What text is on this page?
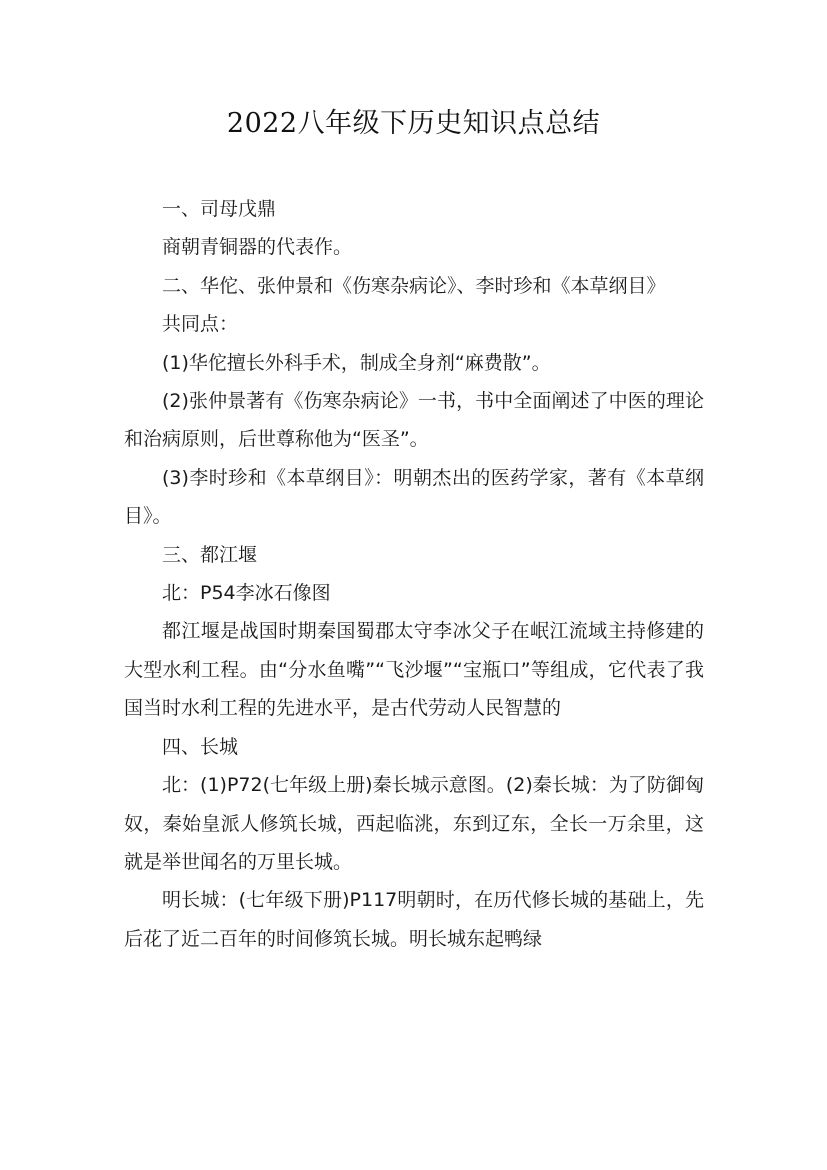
2022八年级下历史知识点总结

一、司母戊鼎

商朝青铜器的代表作。

二、华佗、张仲景和《伤寒杂病论》、李时珍和《本草纲目》

共同点：

(1)华佗擅长外科手术，制成全身剂“麻费散”。

(2)张仲景著有《伤寒杂病论》一书，书中全面阐述了中医的理论和治病原则，后世尊称他为“医圣”。

(3)李时珍和《本草纲目》：明朝杰出的医药学家，著有《本草纲目》。

三、都江堰

北：P54李冰石像图

都江堰是战国时期秦国蜀郡太守李冰父子在岷江流域主持修建的大型水利工程。由“分水鱼嘴”“飞沙堰”“宝瓶口”等组成，它代表了我国当时水利工程的先进水平，是古代劳动人民智慧的

四、长城

北：(1)P72(七年级上册)秦长城示意图。(2)秦长城：为了防御匈奴，秦始皇派人修筑长城，西起临洮，东到辽东，全长一万余里，这就是举世闻名的万里长城。

明长城：(七年级下册)P117明朝时，在历代修长城的基础上，先后花了近二百年的时间修筑长城。明长城东起鸭绿
